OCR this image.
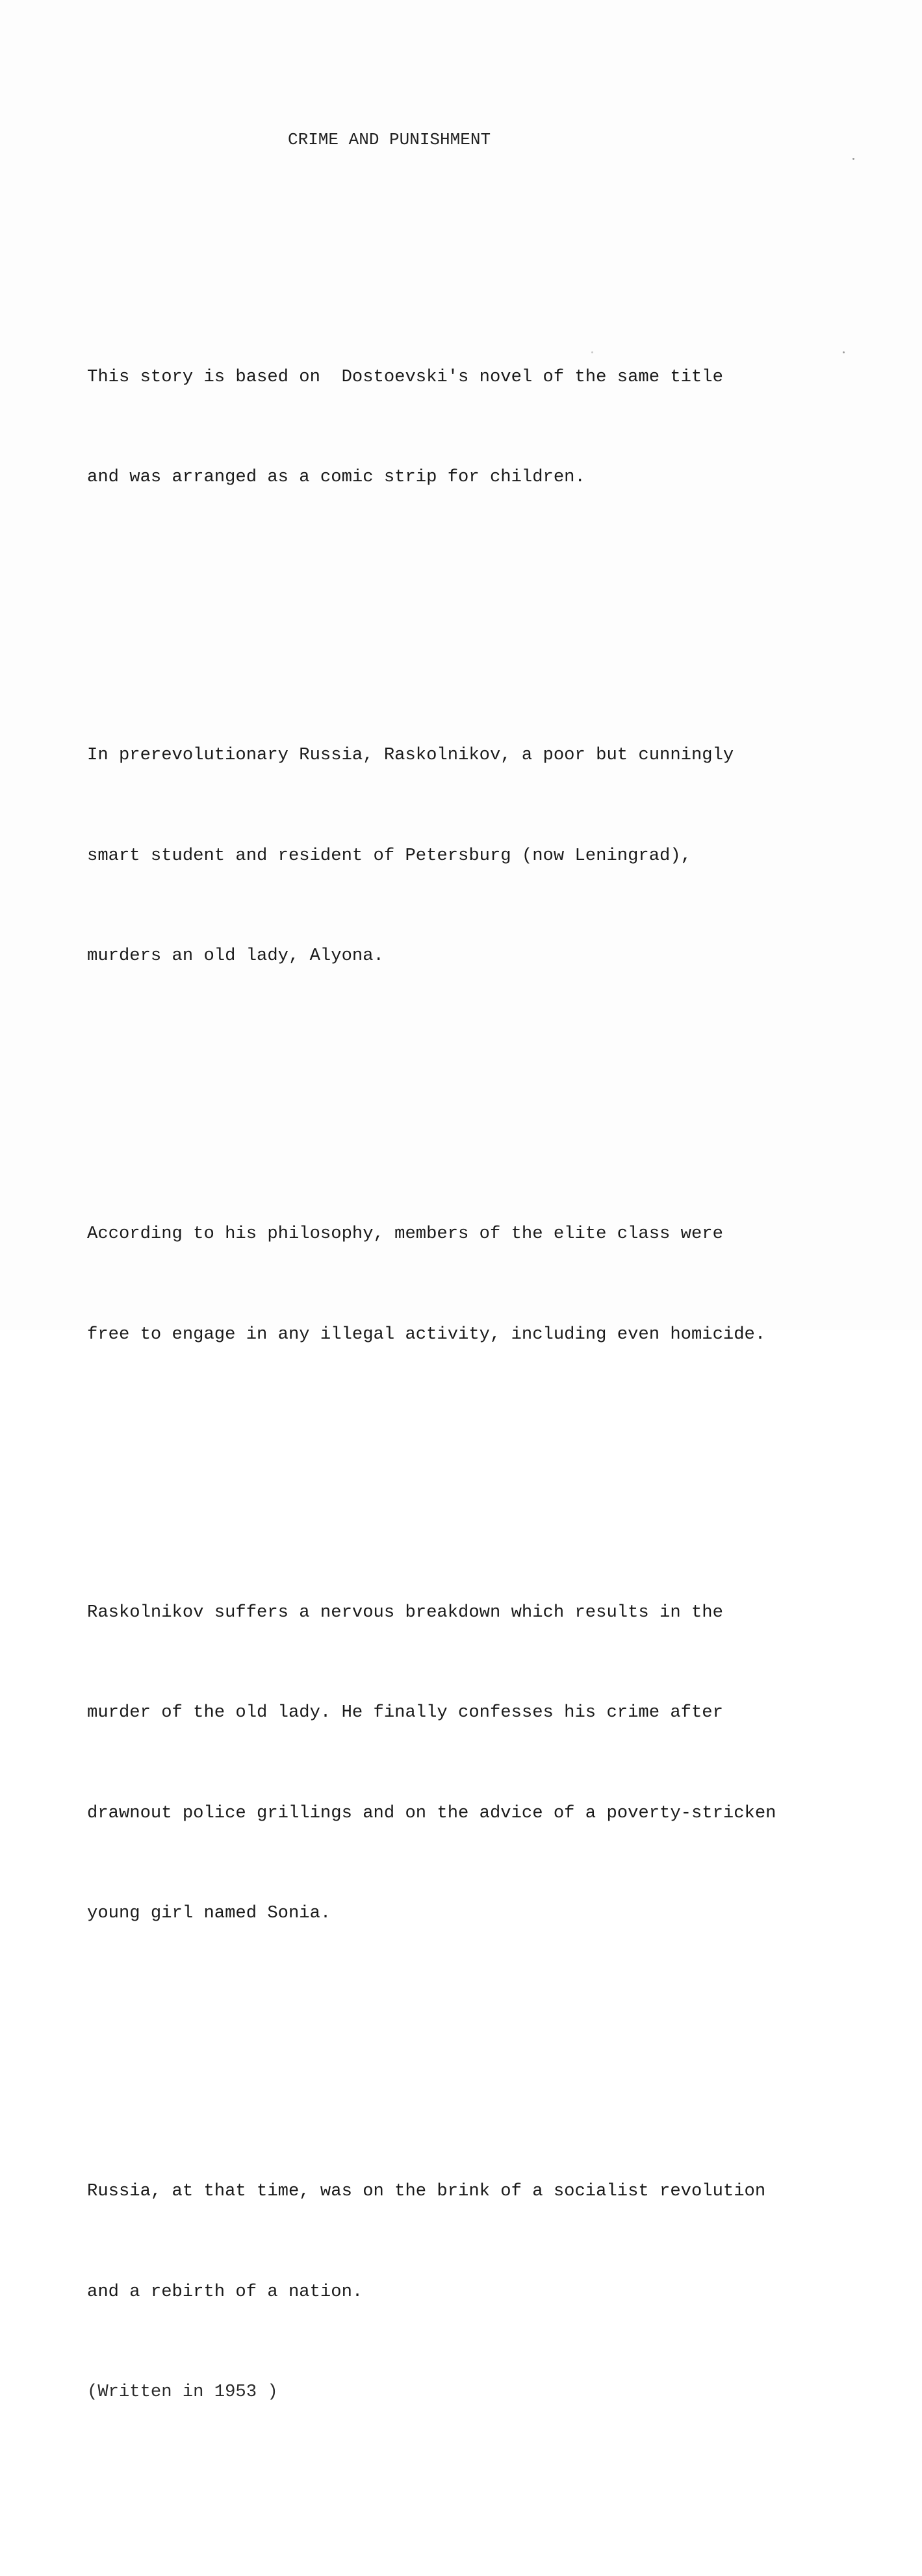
CRIME AND PUNISHMENT

This story is based on  Dostoevski's novel of the same title

and was arranged as a comic strip for children.

In prerevolutionary Russia, Raskolnikov, a poor but cunningly

smart student and resident of Petersburg (now Leningrad),

murders an old lady, Alyona.

According to his philosophy, members of the elite class were

free to engage in any illegal activity, including even homicide.

Raskolnikov suffers a nervous breakdown which results in the

murder of the old lady. He finally confesses his crime after

drawnout police grillings and on the advice of a poverty-stricken

young girl named Sonia.

Russia, at that time, was on the brink of a socialist revolution

and a rebirth of a nation.

(Written in 1953 )
